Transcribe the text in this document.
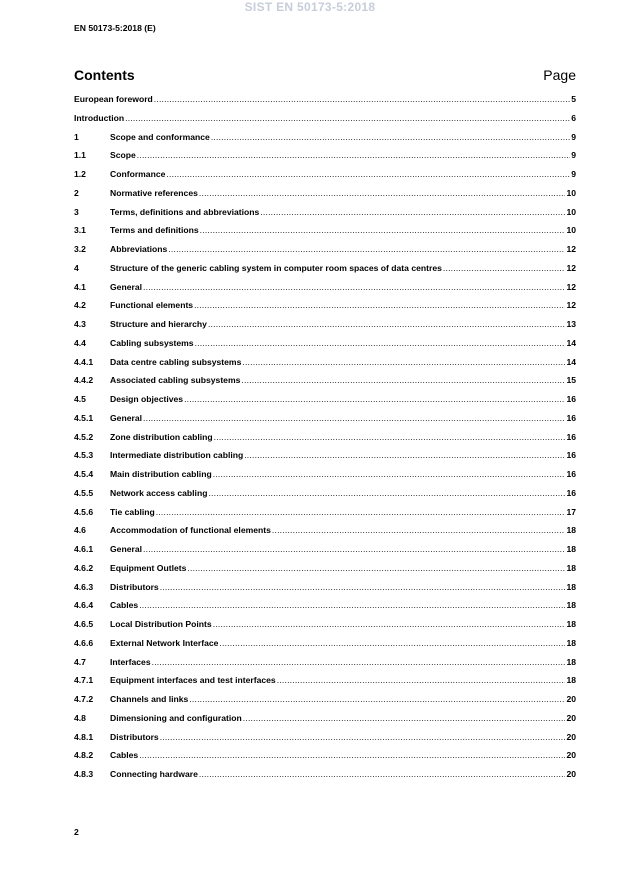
SIST EN 50173-5:2018
EN 50173-5:2018 (E)
Contents	Page
European foreword .....	5
Introduction .....	6
1	Scope and conformance .....	9
1.1	Scope .....	9
1.2	Conformance .....	9
2	Normative references .....	10
3	Terms, definitions and abbreviations .....	10
3.1	Terms and definitions .....	10
3.2	Abbreviations .....	12
4	Structure of the generic cabling system in computer room spaces of data centres .....	12
4.1	General .....	12
4.2	Functional elements .....	12
4.3	Structure and hierarchy .....	13
4.4	Cabling subsystems .....	14
4.4.1	Data centre cabling subsystems .....	14
4.4.2	Associated cabling subsystems .....	15
4.5	Design objectives .....	16
4.5.1	General .....	16
4.5.2	Zone distribution cabling .....	16
4.5.3	Intermediate distribution cabling .....	16
4.5.4	Main distribution cabling .....	16
4.5.5	Network access cabling .....	16
4.5.6	Tie cabling .....	17
4.6	Accommodation of functional elements .....	18
4.6.1	General .....	18
4.6.2	Equipment Outlets .....	18
4.6.3	Distributors .....	18
4.6.4	Cables .....	18
4.6.5	Local Distribution Points .....	18
4.6.6	External Network Interface .....	18
4.7	Interfaces .....	18
4.7.1	Equipment interfaces and test interfaces .....	18
4.7.2	Channels and links .....	20
4.8	Dimensioning and configuration .....	20
4.8.1	Distributors .....	20
4.8.2	Cables .....	20
4.8.3	Connecting hardware .....	20
2
